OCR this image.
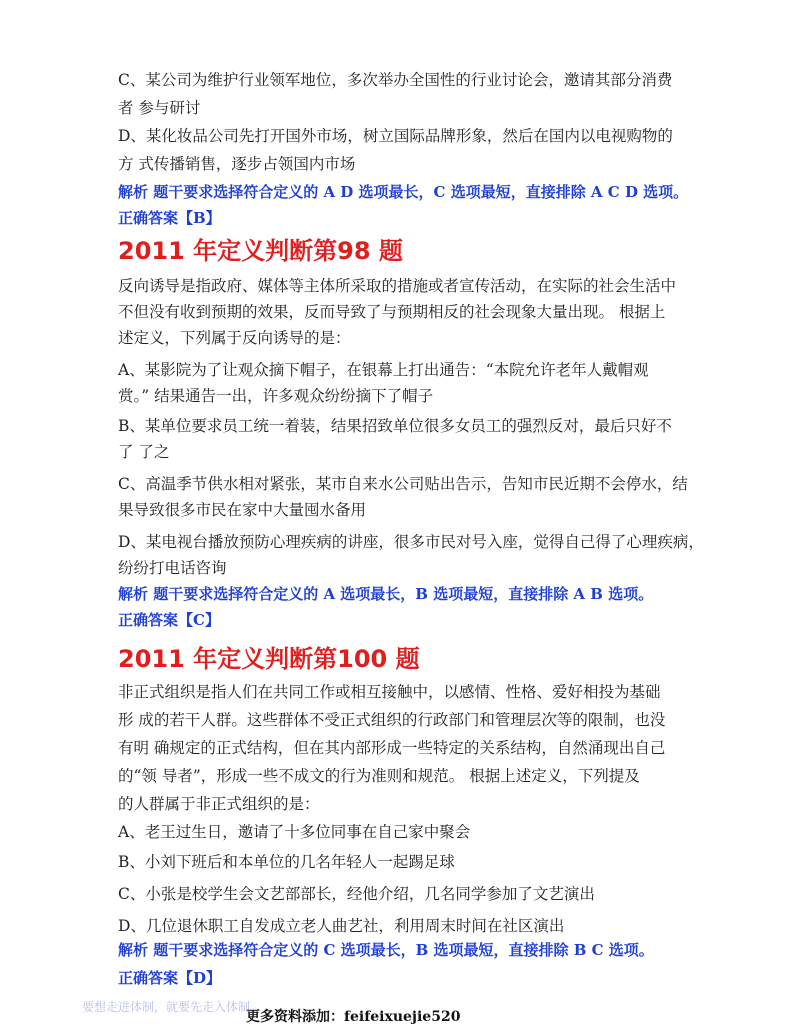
C、某公司为维护行业领军地位，多次举办全国性的行业讨论会，邀请其部分消费
者 参与研讨
D、某化妆品公司先打开国外市场，树立国际品牌形象，然后在国内以电视购物的
方 式传播销售，逐步占领国内市场
解析 题干要求选择符合定义的 A D 选项最长，C 选项最短，直接排除 A C D 选项。
正确答案【B】
2011 年定义判断第98 题
反向诱导是指政府、媒体等主体所采取的措施或者宣传活动，在实际的社会生活中
不但没有收到预期的效果，反而导致了与预期相反的社会现象大量出现。 根据上
述定义，下列属于反向诱导的是：
A、某影院为了让观众摘下帽子，在银幕上打出通告：“本院允许老年人戴帽观
赏。” 结果通告一出，许多观众纷纷摘下了帽子
B、某单位要求员工统一着装，结果招致单位很多女员工的强烈反对，最后只好不
了 了之
C、高温季节供水相对紧张，某市自来水公司贴出告示，告知市民近期不会停水，结
果导致很多市民在家中大量囤水备用
D、某电视台播放预防心理疾病的讲座，很多市民对号入座，觉得自己得了心理疾病，
纷纷打电话咨询
解析 题干要求选择符合定义的 A 选项最长，B 选项最短，直接排除 A B 选项。
正确答案【C】
2011 年定义判断第100 题
非正式组织是指人们在共同工作或相互接触中，以感情、性格、爱好相投为基础
形 成的若干人群。这些群体不受正式组织的行政部门和管理层次等的限制，也没
有明 确规定的正式结构，但在其内部形成一些特定的关系结构，自然涌现出自己
的“领 导者”，形成一些不成文的行为准则和规范。 根据上述定义，下列提及
的人群属于非正式组织的是：
A、老王过生日，邀请了十多位同事在自己家中聚会
B、小刘下班后和本单位的几名年轻人一起踢足球
C、小张是校学生会文艺部部长，经他介绍，几名同学参加了文艺演出
D、几位退休职工自发成立老人曲艺社，利用周末时间在社区演出
解析 题干要求选择符合定义的 C 选项最长，B 选项最短，直接排除 B C 选项。
正确答案【D】
要想走进体制，就要先走入体制
更多资料添加：feifeixuejie520
